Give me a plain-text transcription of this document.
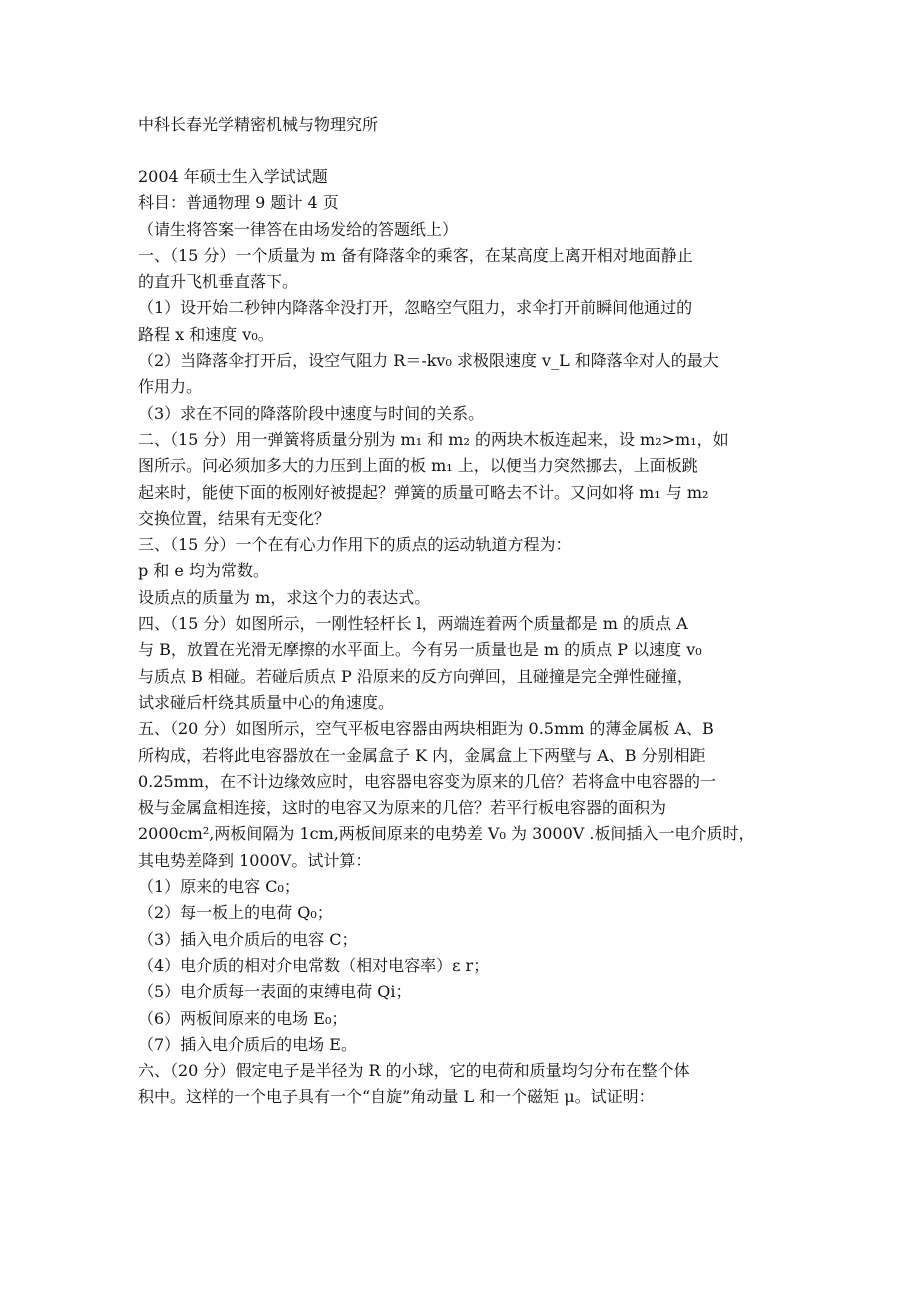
中科长春光学精密机械与物理究所
2004 年硕士生入学试试题
科目：普通物理 9 题计 4 页
（请生将答案一律答在由场发给的答题纸上）
一、（15 分）一个质量为 m 备有降落伞的乘客，在某高度上离开相对地面静止
的直升飞机垂直落下。
（1）设开始二秒钟内降落伞没打开，忽略空气阻力，求伞打开前瞬间他通过的
路程 x 和速度 v₀。
（2）当降落伞打开后，设空气阻力 R＝-kv₀ 求极限速度 v_L 和降落伞对人的最大
作用力。
（3）求在不同的降落阶段中速度与时间的关系。
二、（15 分）用一弹簧将质量分别为 m₁ 和 m₂ 的两块木板连起来，设 m₂>m₁，如
图所示。问必须加多大的力压到上面的板 m₁ 上，以便当力突然挪去，上面板跳
起来时，能使下面的板刚好被提起？弹簧的质量可略去不计。又问如将 m₁ 与 m₂
交换位置，结果有无变化？
三、（15 分）一个在有心力作用下的质点的运动轨道方程为：
p 和 e 均为常数。
设质点的质量为 m，求这个力的表达式。
四、（15 分）如图所示，一刚性轻杆长 l，两端连着两个质量都是 m 的质点 A
与 B，放置在光滑无摩擦的水平面上。今有另一质量也是 m 的质点 P 以速度 v₀
与质点 B 相碰。若碰后质点 P 沿原来的反方向弹回，且碰撞是完全弹性碰撞，
试求碰后杆绕其质量中心的角速度。
五、（20 分）如图所示，空气平板电容器由两块相距为 0.5mm 的薄金属板 A、B
所构成，若将此电容器放在一金属盒子 K 内，金属盒上下两壁与 A、B 分别相距
0.25mm，在不计边缘效应时，电容器电容变为原来的几倍？若将盒中电容器的一
极与金属盒相连接，这时的电容又为原来的几倍？若平行板电容器的面积为
2000cm²,两板间隔为 1cm,两板间原来的电势差 V₀ 为 3000V .板间插入一电介质时，
其电势差降到 1000V。试计算：
（1）原来的电容 C₀；
（2）每一板上的电荷 Q₀；
（3）插入电介质后的电容 C；
（4）电介质的相对介电常数（相对电容率）ε r；
（5）电介质每一表面的束缚电荷 Qi；
（6）两板间原来的电场 E₀；
（7）插入电介质后的电场 E。
六、（20 分）假定电子是半径为 R 的小球，它的电荷和质量均匀分布在整个体
积中。这样的一个电子具有一个“自旋”角动量 L 和一个磁矩 μ。试证明：
